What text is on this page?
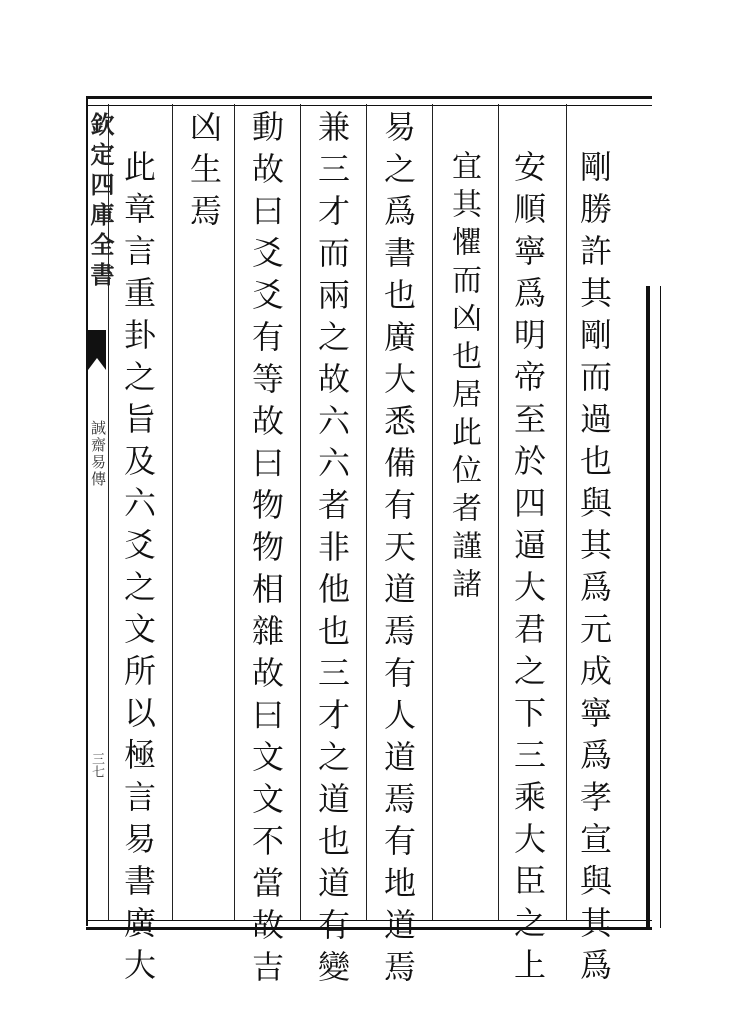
欽定四庫全書
誠齋易傳
三七	剛勝許其剛而過也與其爲元成寧爲孝宣與其爲
安順寧爲明帝至於四逼大君之下三乘大臣之上
宜其懼而凶也居此位者謹諸
易之爲書也廣大悉備有天道焉有人道焉有地道焉
兼三才而兩之故六六者非他也三才之道也道有變
動故曰爻爻有等故曰物物相雜故曰文文不當故吉
凶生焉
此章言重卦之旨及六爻之文所以極言易書廣大
